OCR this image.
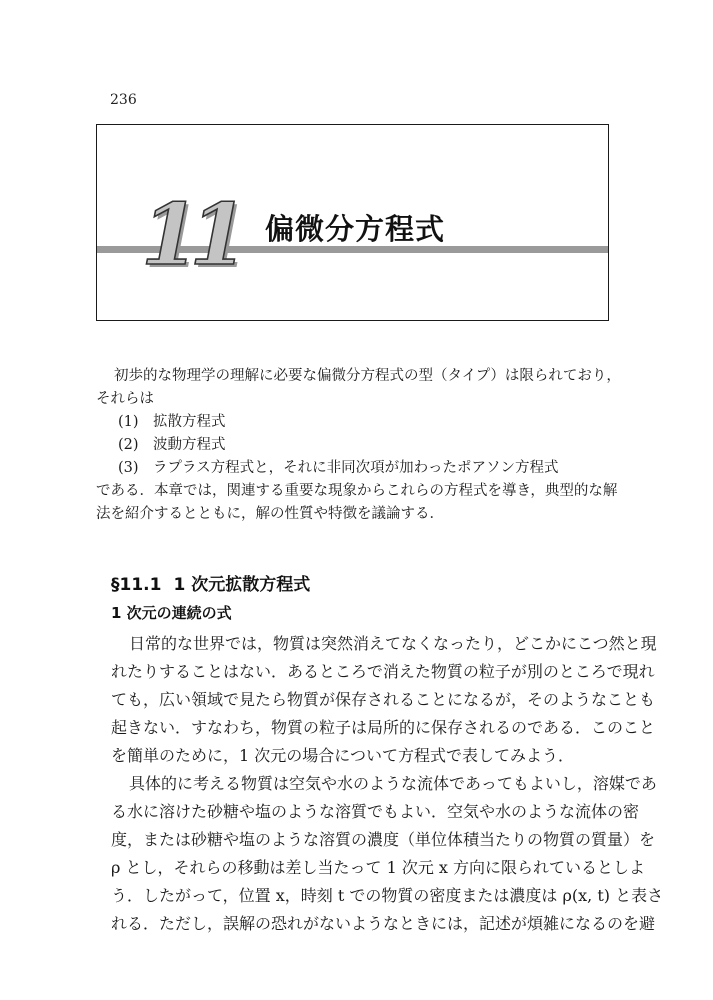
236
11 偏微分方程式
初歩的な物理学の理解に必要な偏微分方程式の型（タイプ）は限られており，
それらは
(1)　拡散方程式
(2)　波動方程式
(3)　ラプラス方程式と，それに非同次項が加わったポアソン方程式
である．本章では，関連する重要な現象からこれらの方程式を導き，典型的な解
法を紹介するとともに，解の性質や特徴を議論する．
§11.1 1 次元拡散方程式
1 次元の連続の式
日常的な世界では，物質は突然消えてなくなったり，どこかにこつ然と現
れたりすることはない．あるところで消えた物質の粒子が別のところで現れ
ても，広い領域で見たら物質が保存されることになるが，そのようなことも
起きない．すなわち，物質の粒子は局所的に保存されるのである．このこと
を簡単のために，1 次元の場合について方程式で表してみよう．
具体的に考える物質は空気や水のような流体であってもよいし，溶媒であ
る水に溶けた砂糖や塩のような溶質でもよい．空気や水のような流体の密
度，または砂糖や塩のような溶質の濃度（単位体積当たりの物質の質量）を
ρ とし，それらの移動は差し当たって 1 次元 x 方向に限られているとしよ
う．したがって，位置 x，時刻 t での物質の密度または濃度は ρ(x, t) と表さ
れる．ただし，誤解の恐れがないようなときには，記述が煩雑になるのを避
